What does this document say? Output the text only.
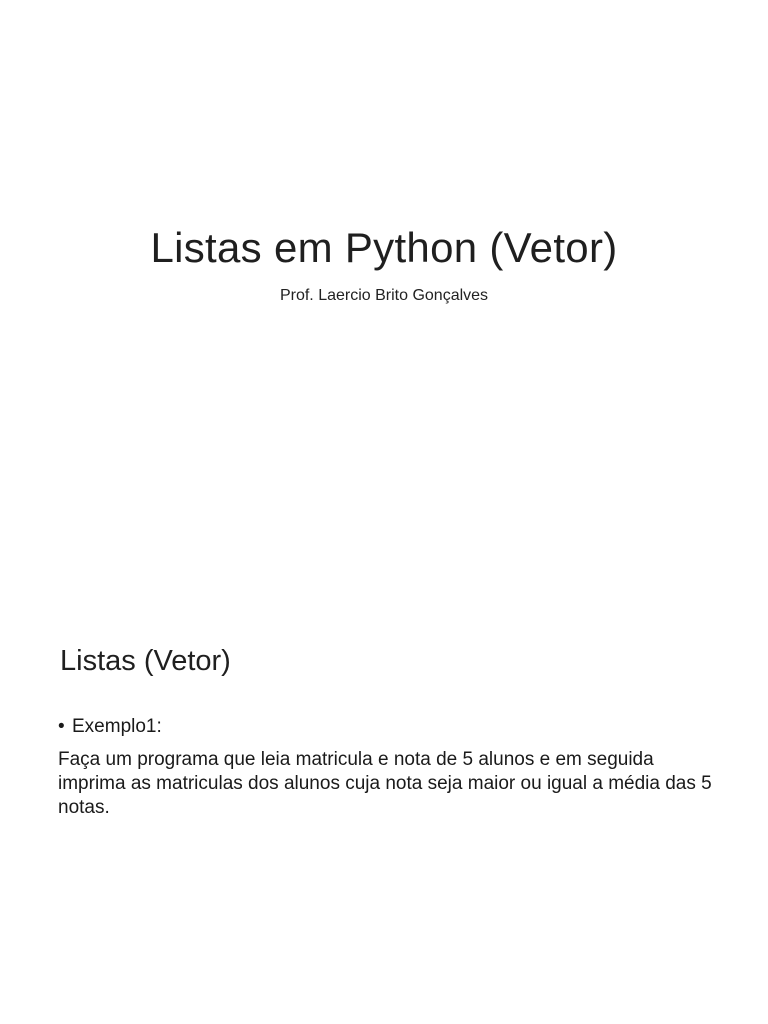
Listas em Python (Vetor)
Prof. Laercio Brito Gonçalves
Listas (Vetor)
• Exemplo1:
Faça um programa que leia matricula e nota de 5 alunos e em seguida imprima as matriculas dos alunos cuja nota seja maior ou igual a média das 5 notas.
